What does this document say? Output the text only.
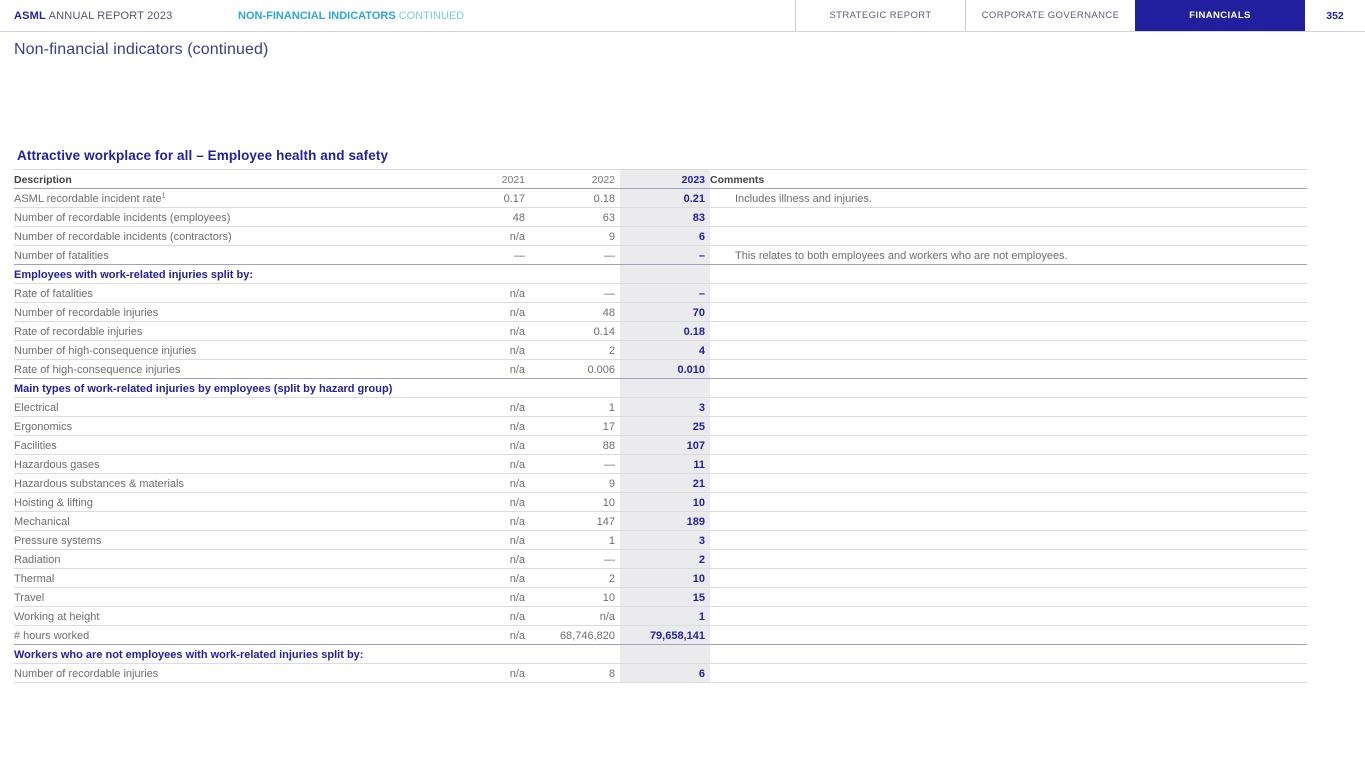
ASML ANNUAL REPORT 2023	NON-FINANCIAL INDICATORS CONTINUED	STRATEGIC REPORT	CORPORATE GOVERNANCE	FINANCIALS	352
Non-financial indicators (continued)
Attractive workplace for all – Employee health and safety
Description	2021	2022	2023	Comments
ASML recordable incident rate$^1$	0.17	0.18	0.21	Includes illness and injuries.
Number of recordable incidents (employees)	48	63	83	
Number of recordable incidents (contractors)	n/a	9	6	
Number of fatalities	—	—	–	This relates to both employees and workers who are not employees.
Employees with work-related injuries split by:				
Rate of fatalities	n/a	—	–	
Number of recordable injuries	n/a	48	70	
Rate of recordable injuries	n/a	0.14	0.18	
Number of high-consequence injuries	n/a	2	4	
Rate of high-consequence injuries	n/a	0.006	0.010	
Main types of work-related injuries by employees (split by hazard group)				
Electrical	n/a	1	3	
Ergonomics	n/a	17	25	
Facilities	n/a	88	107	
Hazardous gases	n/a	—	11	
Hazardous substances & materials	n/a	9	21	
Hoisting & lifting	n/a	10	10	
Mechanical	n/a	147	189	
Pressure systems	n/a	1	3	
Radiation	n/a	—	2	
Thermal	n/a	2	10	
Travel	n/a	10	15	
Working at height	n/a	n/a	1	
# hours worked	n/a	68,746,820	79,658,141	
Workers who are not employees with work-related injuries split by:				
Number of recordable injuries	n/a	8	6	
